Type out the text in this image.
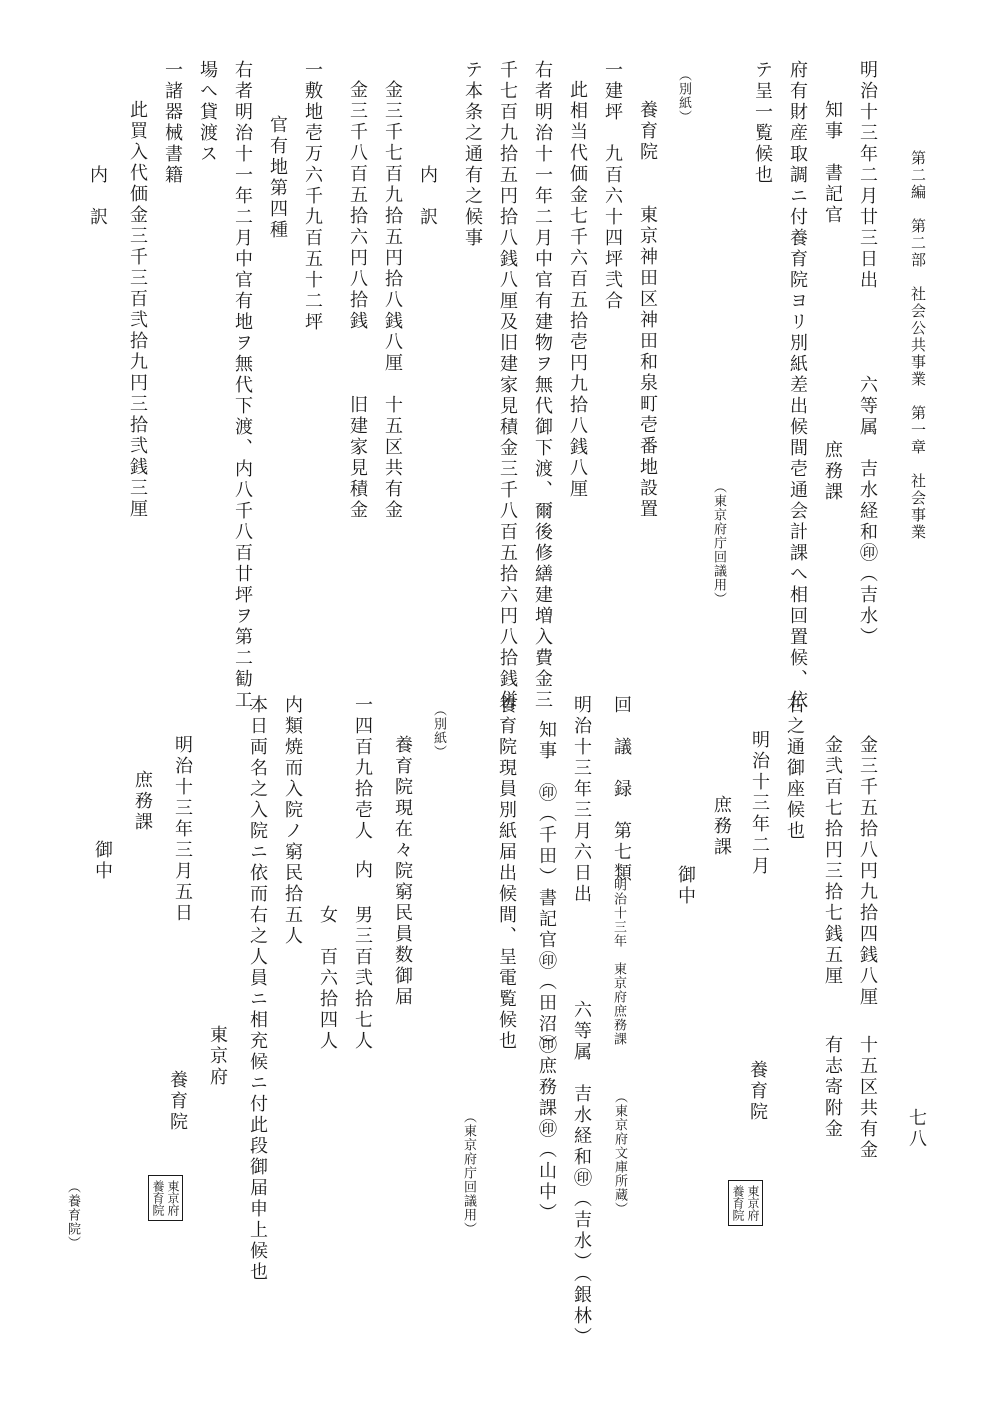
第二編　第二部　社会公共事業　第一章　社会事業
七八
明治十三年二月廿三日出
知事　書記官
六等属　吉水経和㊞（吉水）
庶務課
府有財産取調ニ付養育院ヨリ別紙差出候間壱通会計課へ相回置候、依
テ呈一覧候也
（東京府庁回議用）
（別紙）
養育院　　東京神田区神田和泉町壱番地設置
一建坪　九百六十四坪弐合
此相当代価金七千六百五拾壱円九拾八銭八厘
右者明治十一年二月中官有建物ヲ無代御下渡、爾後修繕建増入費金三
千七百九拾五円拾八銭八厘及旧建家見積金三千八百五拾六円八拾銭併
テ本条之通有之候事
内　訳
金三千七百九拾五円拾八銭八厘
十五区共有金
金三千八百五拾六円八拾銭
旧建家見積金
一敷地壱万六千九百五十二坪
官有地第四種
右者明治十一年二月中官有地ヲ無代下渡、内八千八百廿坪ヲ第二勧工
場へ貸渡ス
一諸器械書籍
此買入代価金三千三百弐拾九円三拾弐銭三厘
内　訳
金三千五拾八円九拾四銭八厘
十五区共有金
金弐百七拾円三拾七銭五厘
有志寄附金
右之通御座候也
明治十三年二月
庶務課
御中
養育院
東京府
養育院
回　議　録　第七類
明治十三年　東京府庶務課
（東京府文庫所蔵）
明治十三年三月六日出
知事　㊞（千田）書記官㊞（田沼）
六等属　吉水経和㊞（吉水）（銀林）
㊞庶務課㊞（山中）
養育院現員別紙届出候間、呈電覧候也
（東京府庁回議用）
（別紙）
養育院現在々院窮民員数御届
一四百九拾壱人
内
男三百弐拾七人
女　百六拾四人
内類焼而入院ノ窮民拾五人
本日両名之入院ニ依而右之人員ニ相充候ニ付此段御届申上候也
明治十三年三月五日
庶務課
御中
東京府
養育院
東京府
養育院
（養育院）
